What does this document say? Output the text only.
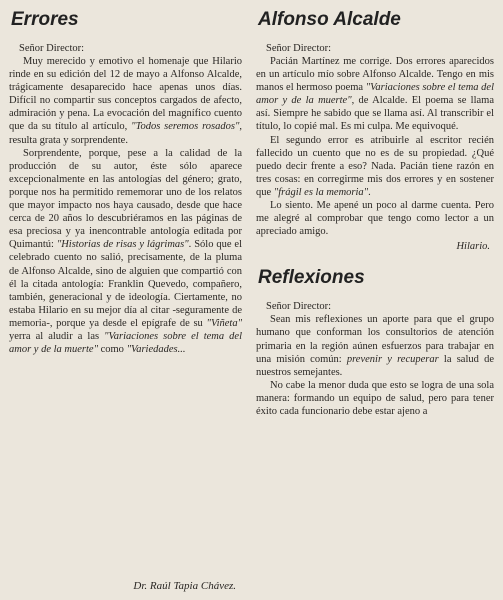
Errores
Señor Director:

Muy merecido y emotivo el homenaje que Hilario rinde en su edición del 12 de mayo a Alfonso Alcalde, trágicamente desaparecido hace apenas unos días. Difícil no compartir sus conceptos cargados de afecto, admiración y pena. La evocación del magnífico cuento que da su título al artículo, "Todos seremos rosados", resulta grata y sorprendente.

Sorprendente, porque, pese a la calidad de la producción de su autor, éste sólo aparece excepcionalmente en las antologías del género; grato, porque nos ha permitido rememorar uno de los relatos que mayor impacto nos haya causado, desde que hace cerca de 20 años lo descubriéramos en las páginas de esa preciosa y ya inencontrable antología editada por Quimantú: "Historias de risas y lágrimas". Sólo que el celebrado cuento no salió, precisamente, de la pluma de Alfonso Alcalde, sino de alguien que compartió con él la citada antología: Franklin Quevedo, compañero, también, generacional y de ideología. Ciertamente, no estaba Hilario en su mejor día al citar -seguramente de memoria-, porque ya desde el epígrafe de su "Viñeta" yerra al aludir a las "Variaciones sobre el tema del amor y de la muerte" como "Variedades...

Dr. Raúl Tapia Chávez.
Alfonso Alcalde
Señor Director:

Pacián Martínez me corrige. Dos errores aparecidos en un artículo mío sobre Alfonso Alcalde. Tengo en mis manos el hermoso poema "Variaciones sobre el tema del amor y de la muerte", de Alcalde. El poema se llama así. Siempre he sabido que se llama así. Al transcribir el título, lo copié mal. Es mi culpa. Me equivoqué.

El segundo error es atribuirle al escritor recién fallecido un cuento que no es de su propiedad. ¿Qué puedo decir frente a eso? Nada. Pacián tiene razón en tres cosas: en corregirme mis dos errores y en sostener que "frágil es la memoria".

Lo siento. Me apené un poco al darme cuenta. Pero me alegré al comprobar que tengo como lector a un apreciado amigo.

Hilario.
Reflexiones
Señor Director:

Sean mis reflexiones un aporte para que el grupo humano que conforman los consultorios de atención primaria en la región aúnen esfuerzos para trabajar en una misión común: prevenir y recuperar la salud de nuestros semejantes.

No cabe la menor duda que esto se logra de una sola manera: formando un equipo de salud, pero para tener éxito cada funcionario debe estar ajeno a
